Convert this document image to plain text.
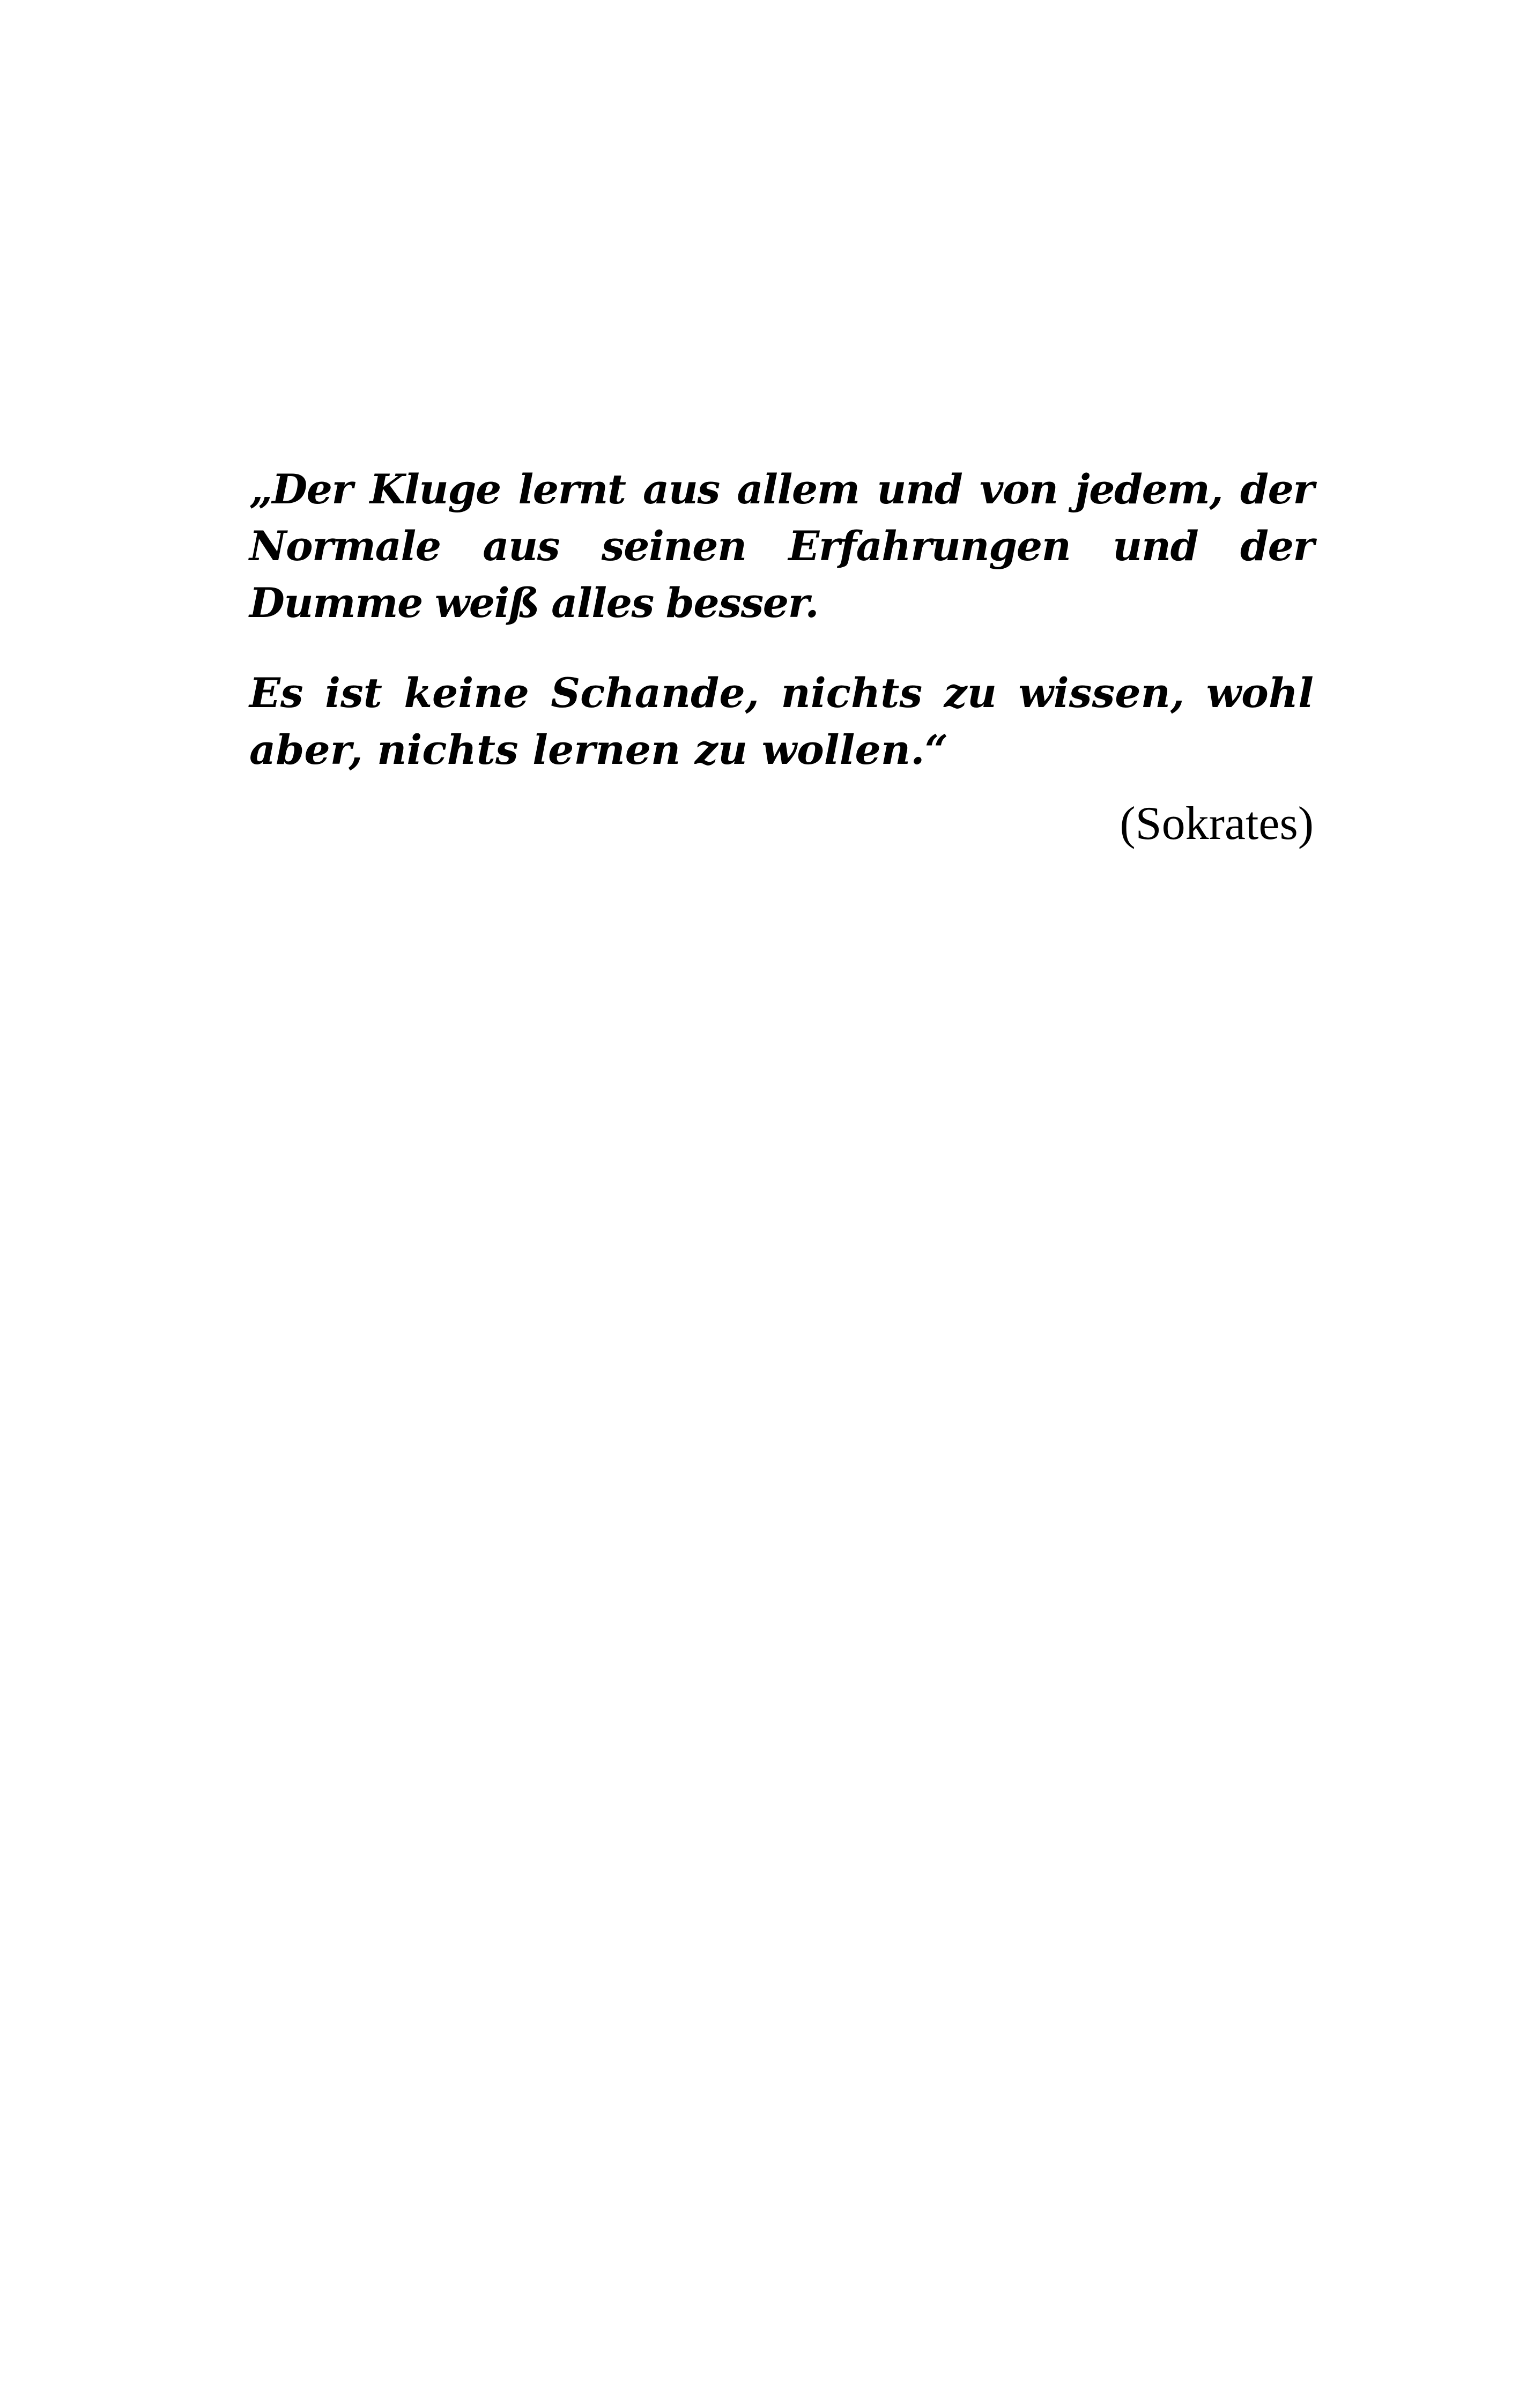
„Der Kluge lernt aus allem und von jedem, der Normale aus seinen Erfahrungen und der Dumme weiß alles besser.

Es ist keine Schande, nichts zu wissen, wohl aber, nichts lernen zu wollen.“

(Sokrates)
